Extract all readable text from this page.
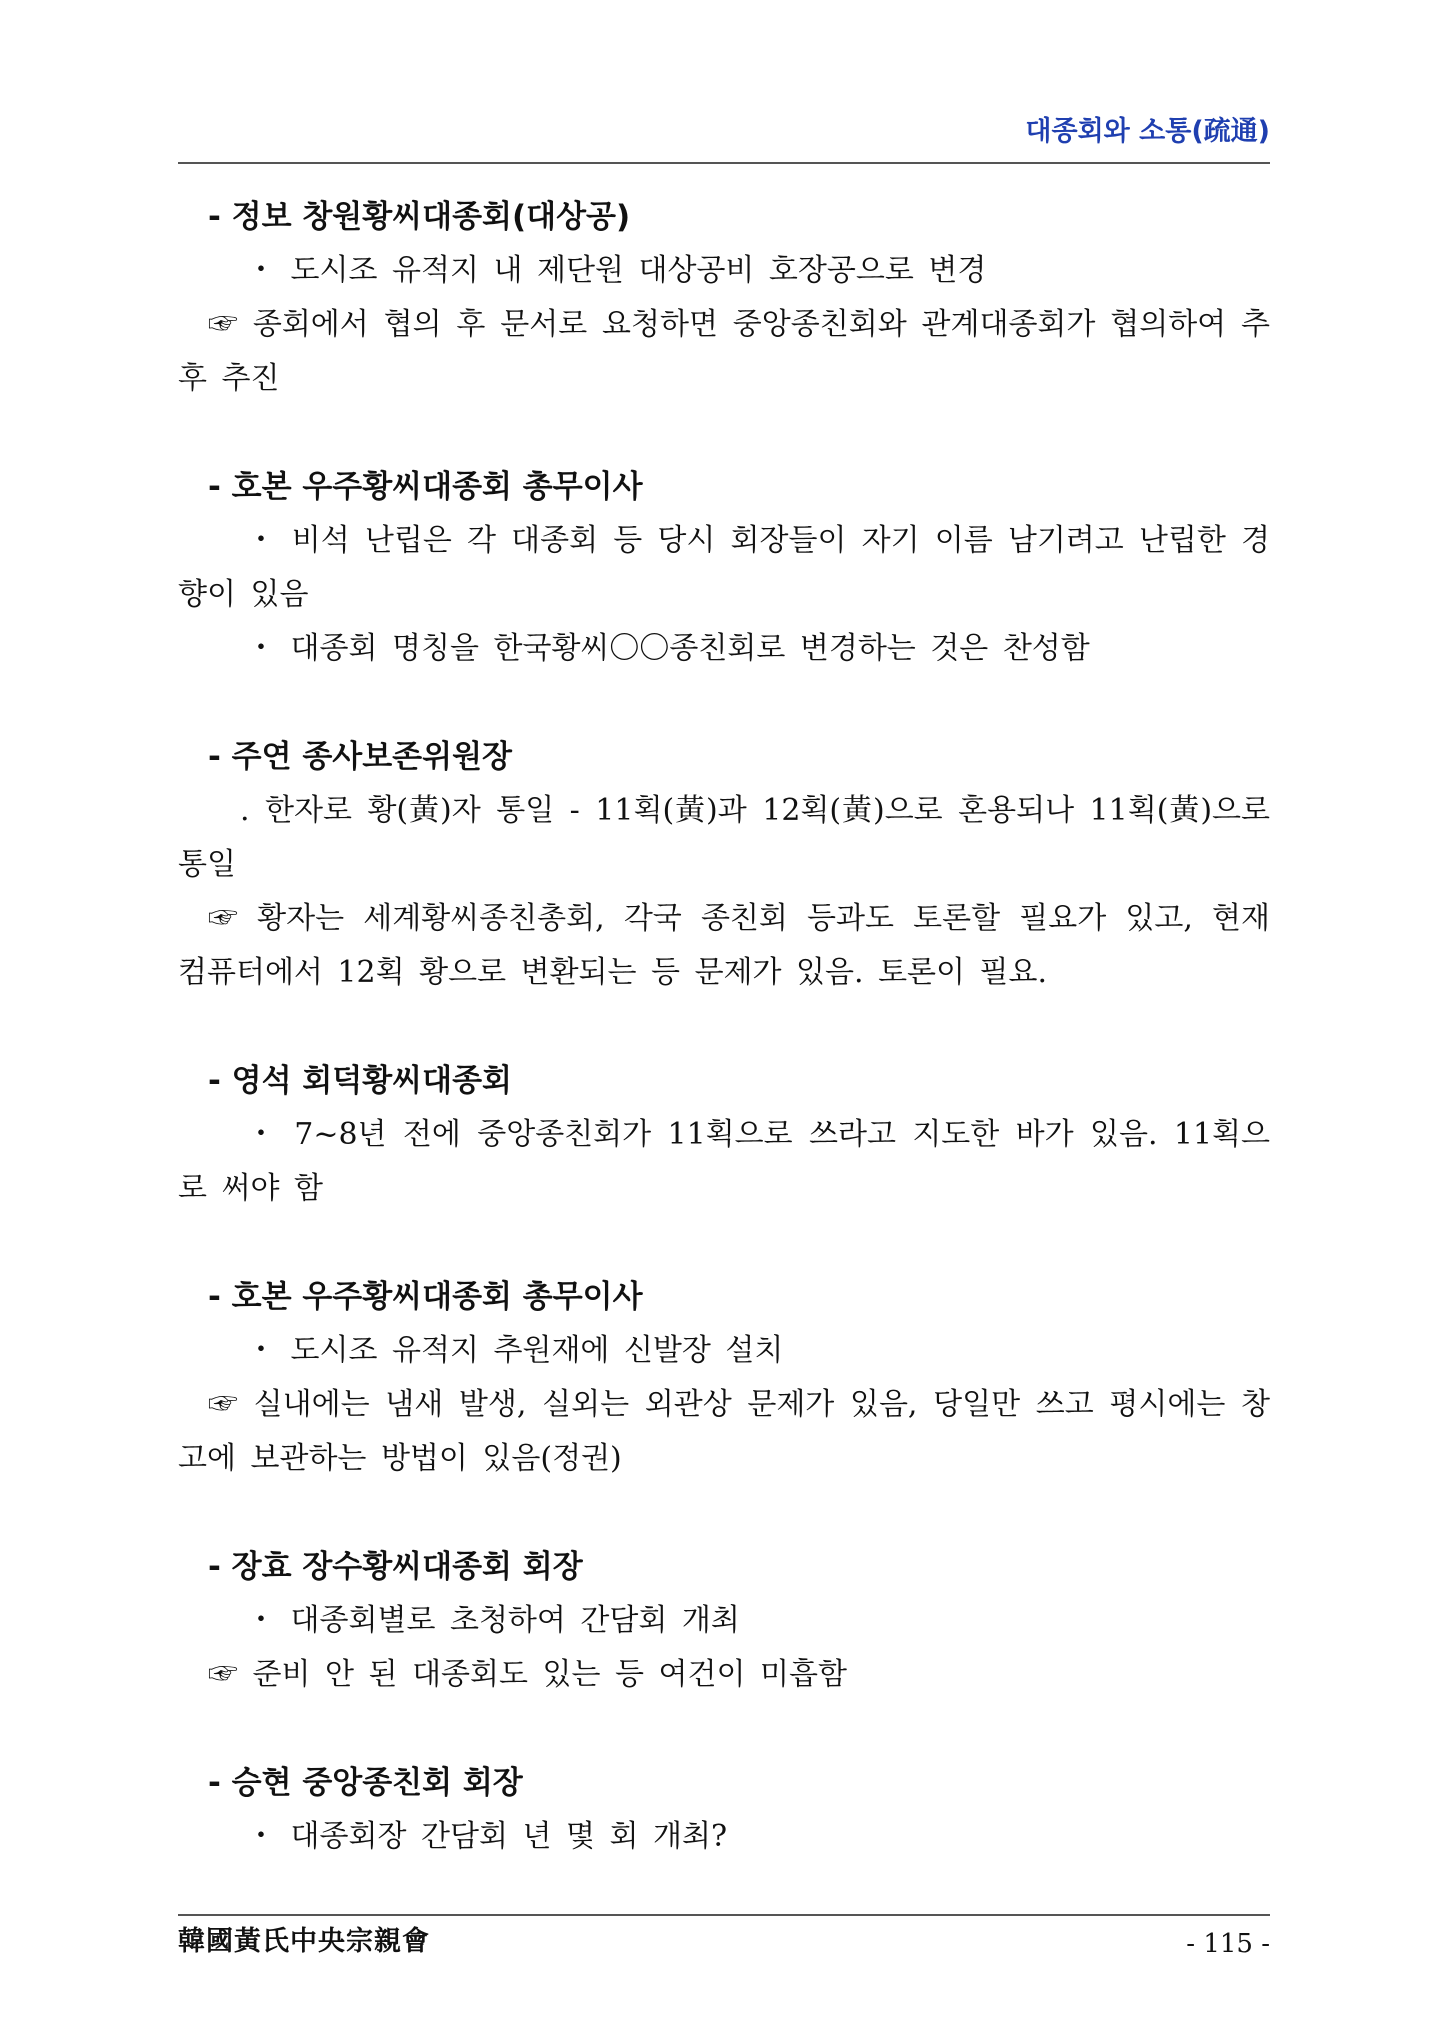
대종회와 소통(疏通)

- 정보 창원황씨대종회(대상공)

・ 도시조 유적지 내 제단원 대상공비 호장공으로 변경

☞ 종회에서 협의 후 문서로 요청하면 중앙종친회와 관계대종회가 협의하여 추후 추진

- 호본 우주황씨대종회 총무이사

・ 비석 난립은 각 대종회 등 당시 회장들이 자기 이름 남기려고 난립한 경향이 있음

・ 대종회 명칭을 한국황씨〇〇종친회로 변경하는 것은 찬성함

- 주연 종사보존위원장

. 한자로 황(黃)자 통일 - 11획(黃)과 12획(黃)으로 혼용되나 11획(黃)으로 통일

☞ 황자는 세계황씨종친총회, 각국 종친회 등과도 토론할 필요가 있고, 현재 컴퓨터에서 12획 황으로 변환되는 등 문제가 있음. 토론이 필요.

- 영석 회덕황씨대종회

・ 7~8년 전에 중앙종친회가 11획으로 쓰라고 지도한 바가 있음. 11획으로 써야 함

- 호본 우주황씨대종회 총무이사

・ 도시조 유적지 추원재에 신발장 설치

☞ 실내에는 냄새 발생, 실외는 외관상 문제가 있음, 당일만 쓰고 평시에는 창고에 보관하는 방법이 있음(정권)

- 장효 장수황씨대종회 회장

・ 대종회별로 초청하여 간담회 개최

☞ 준비 안 된 대종회도 있는 등 여건이 미흡함

- 승현 중앙종친회 회장

・ 대종회장 간담회 년 몇 회 개최?

韓國黃氏中央宗親會	- 115 -
